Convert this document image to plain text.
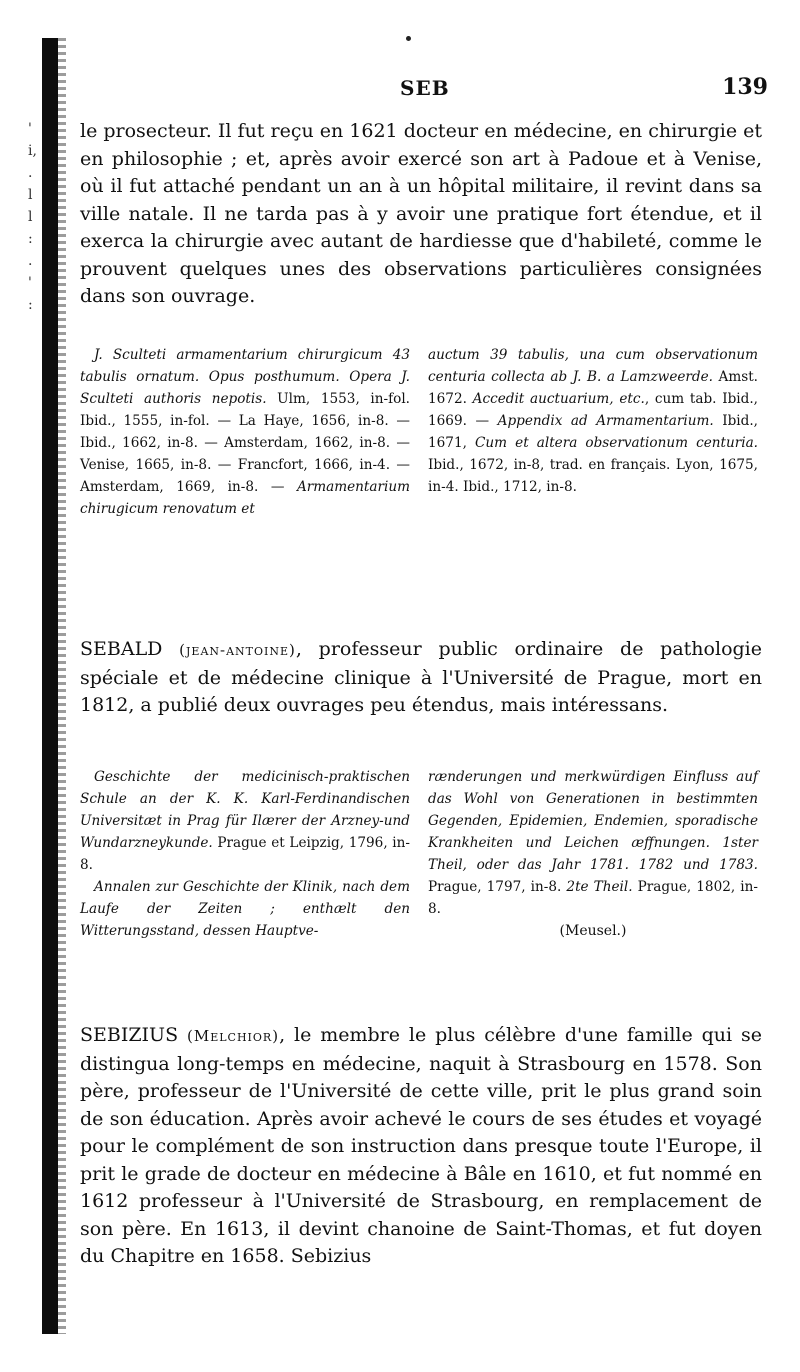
'
i,
.
l
l
:
.
'
:
SEB	139

le prosecteur. Il fut reçu en 1621 docteur en médecine, en chirurgie et en philosophie ; et, après avoir exercé son art à Padoue et à Venise, où il fut attaché pendant un an à un hôpital militaire, il revint dans sa ville natale. Il ne tarda pas à y avoir une pratique fort étendue, et il exerca la chirurgie avec autant de hardiesse que d'habileté, comme le prouvent quelques unes des observations particulières consignées dans son ouvrage.

J. Sculteti armamentarium chirurgicum 43 tabulis ornatum. Opus posthumum. Opera J. Sculteti authoris nepotis. Ulm, 1553, in-fol. Ibid., 1555, in-fol. — La Haye, 1656, in-8. — Ibid., 1662, in-8. — Amsterdam, 1662, in-8. — Venise, 1665, in-8. — Francfort, 1666, in-4. — Amsterdam, 1669, in-8. — Armamentarium chirugicum renovatum et

auctum 39 tabulis, una cum observationum centuria collecta ab J. B. a Lamzweerde. Amst. 1672. Accedit auctuarium, etc., cum tab. Ibid., 1669. — Appendix ad Armamentarium. Ibid., 1671, Cum et altera observationum centuria. Ibid., 1672, in-8, trad. en français. Lyon, 1675, in-4. Ibid., 1712, in-8.

SEBALD (jean-antoine), professeur public ordinaire de pathologie spéciale et de médecine clinique à l'Université de Prague, mort en 1812, a publié deux ouvrages peu étendus, mais intéressans.

Geschichte der medicinisch-praktischen Schule an der K. K. Karl-Ferdinandischen Universitæt in Prag für Ilærer der Arzney-und Wundarzneykunde. Prague et Leipzig, 1796, in-8.

Annalen zur Geschichte der Klinik, nach dem Laufe der Zeiten ; enthælt den Witterungsstand, dessen Hauptve-

rænderungen und merkwürdigen Einfluss auf das Wohl von Generationen in bestimmten Gegenden, Epidemien, Endemien, sporadische Krankheiten und Leichen æffnungen. 1ster Theil, oder das Jahr 1781. 1782 und 1783. Prague, 1797, in-8. 2te Theil. Prague, 1802, in-8.

(Meusel.)

SEBIZIUS (Melchior), le membre le plus célèbre d'une famille qui se distingua long-temps en médecine, naquit à Strasbourg en 1578. Son père, professeur de l'Université de cette ville, prit le plus grand soin de son éducation. Après avoir achevé le cours de ses études et voyagé pour le complément de son instruction dans presque toute l'Europe, il prit le grade de docteur en médecine à Bâle en 1610, et fut nommé en 1612 professeur à l'Université de Strasbourg, en remplacement de son père. En 1613, il devint chanoine de Saint-Thomas, et fut doyen du Chapitre en 1658. Sebizius
